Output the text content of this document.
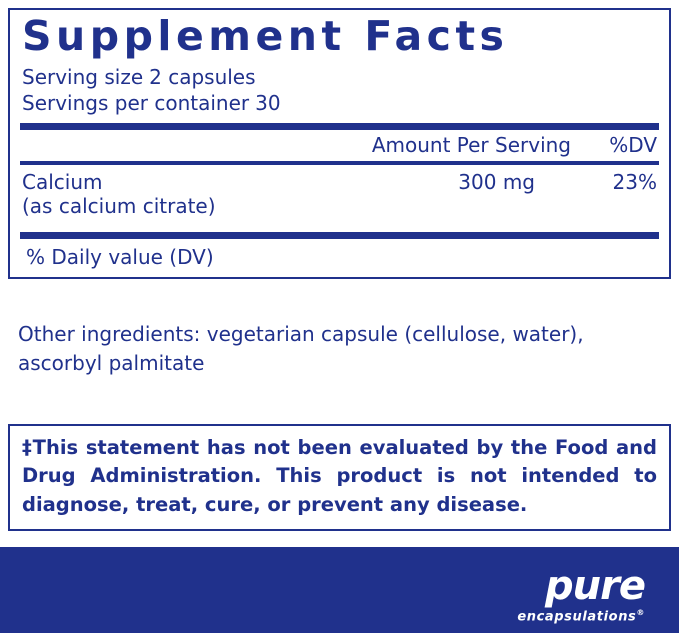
Supplement Facts
Serving size 2 capsules
Servings per container 30
Amount Per Serving	%DV
Calcium	300 mg	23%
(as calcium citrate)
% Daily value (DV)
Other ingredients: vegetarian capsule (cellulose, water), ascorbyl palmitate

‡This statement has not been evaluated by the Food and Drug Administration. This product is not intended to diagnose, treat, cure, or prevent any disease.

pure
encapsulations®
